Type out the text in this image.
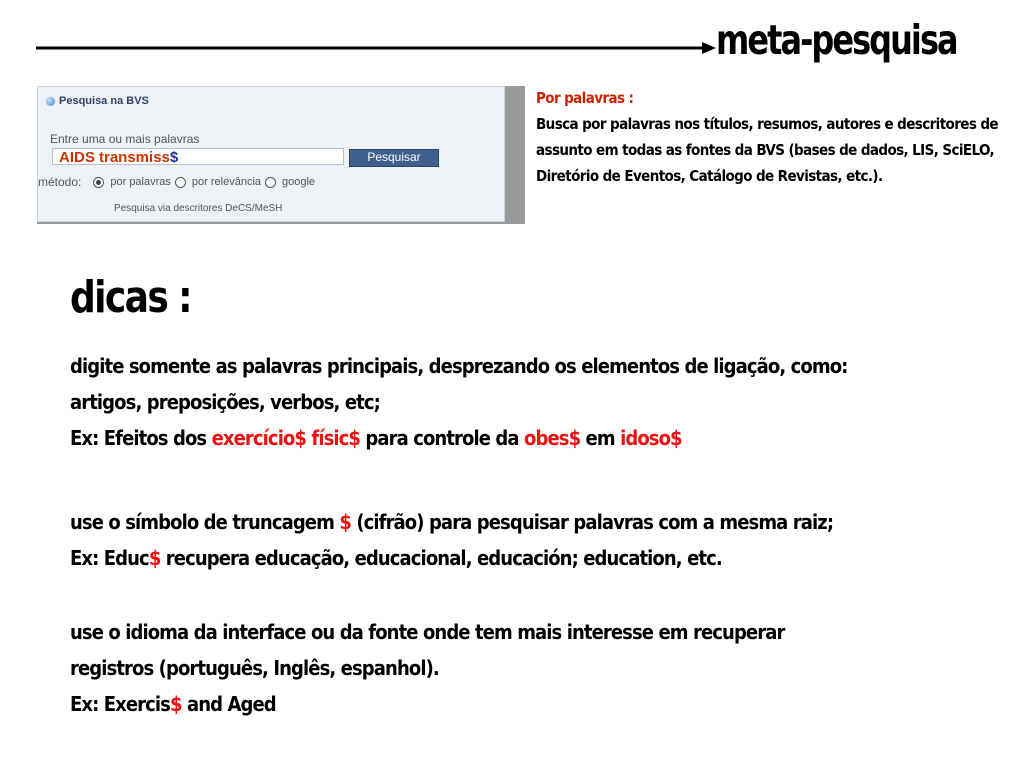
meta-pesquisa
Pesquisa na BVS
Entre uma ou mais palavras
AIDS transmiss$	Pesquisar
método:	por palavras por relevância google
Pesquisa via descritores DeCS/MeSH
Por palavras :
Busca por palavras nos títulos, resumos, autores e descritores de assunto em todas as fontes da BVS (bases de dados, LIS, SciELO, Diretório de Eventos, Catálogo de Revistas, etc.).
dicas :
digite somente as palavras principais, desprezando os elementos de ligação, como:
artigos, preposições, verbos, etc;
Ex: Efeitos dos exercício$ físic$ para controle da obes$ em idoso$
use o símbolo de truncagem $ (cifrão) para pesquisar palavras com a mesma raiz;
Ex: Educ$ recupera educação, educacional, educación; education, etc.
use o idioma da interface ou da fonte onde tem mais interesse em recuperar
registros (português, Inglês, espanhol).
Ex: Exercis$ and Aged
